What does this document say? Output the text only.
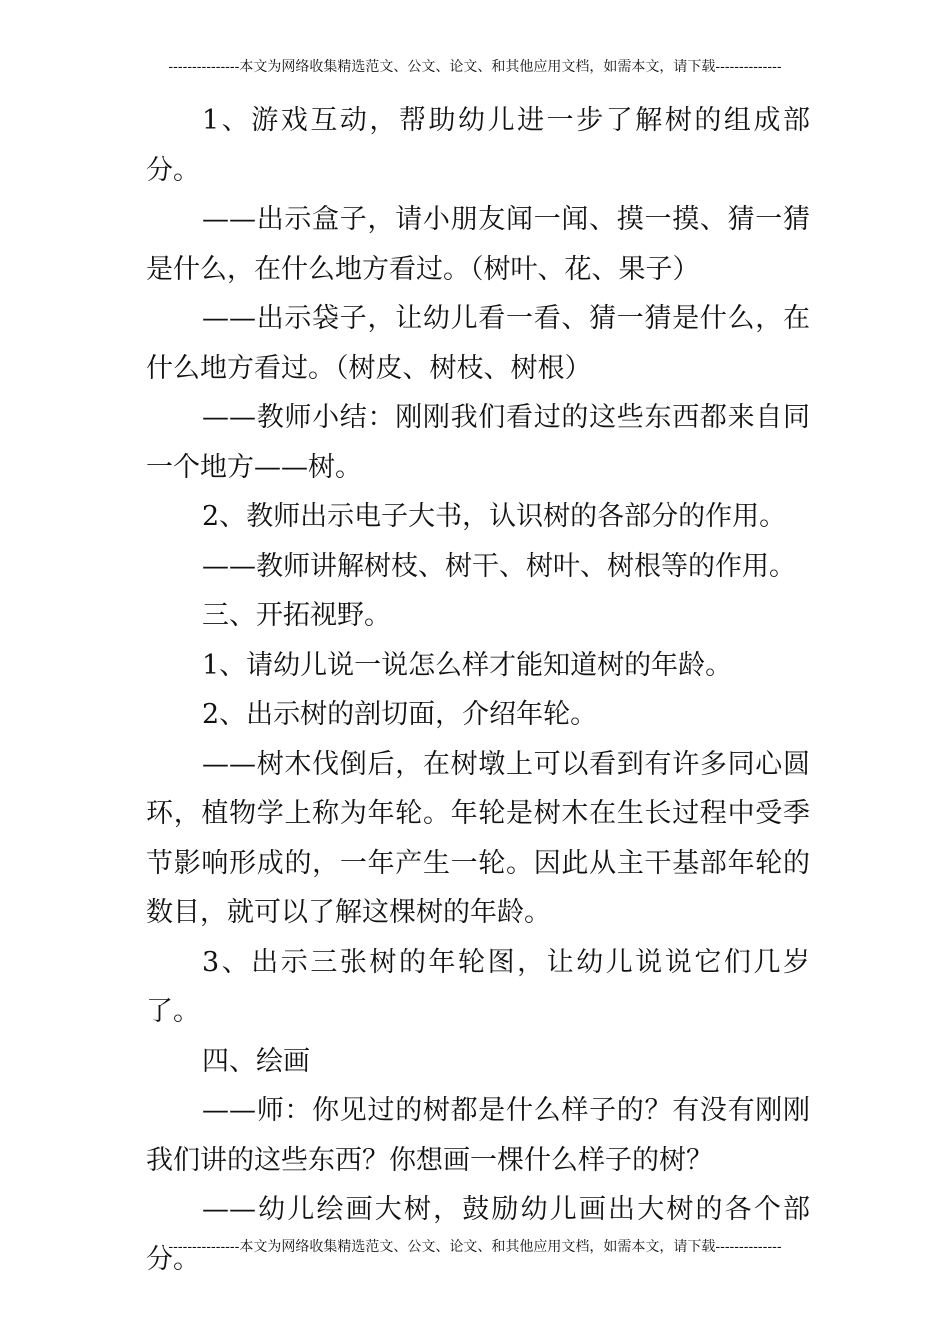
---------------本文为网络收集精选范文、公文、论文、和其他应用文档，如需本文，请下载--------------

1、游戏互动，帮助幼儿进一步了解树的组成部分。

——出示盒子，请小朋友闻一闻、摸一摸、猜一猜是什么，在什么地方看过。（树叶、花、果子）

——出示袋子，让幼儿看一看、猜一猜是什么，在什么地方看过。（树皮、树枝、树根）

——教师小结：刚刚我们看过的这些东西都来自同一个地方——树。

2、教师出示电子大书，认识树的各部分的作用。

——教师讲解树枝、树干、树叶、树根等的作用。

三、开拓视野。

1、请幼儿说一说怎么样才能知道树的年龄。

2、出示树的剖切面，介绍年轮。

——树木伐倒后，在树墩上可以看到有许多同心圆环，植物学上称为年轮。年轮是树木在生长过程中受季节影响形成的，一年产生一轮。因此从主干基部年轮的数目，就可以了解这棵树的年龄。

3、出示三张树的年轮图，让幼儿说说它们几岁了。

四、绘画

——师：你见过的树都是什么样子的？有没有刚刚我们讲的这些东西？你想画一棵什么样子的树？

——幼儿绘画大树，鼓励幼儿画出大树的各个部分。

---------------本文为网络收集精选范文、公文、论文、和其他应用文档，如需本文，请下载--------------
